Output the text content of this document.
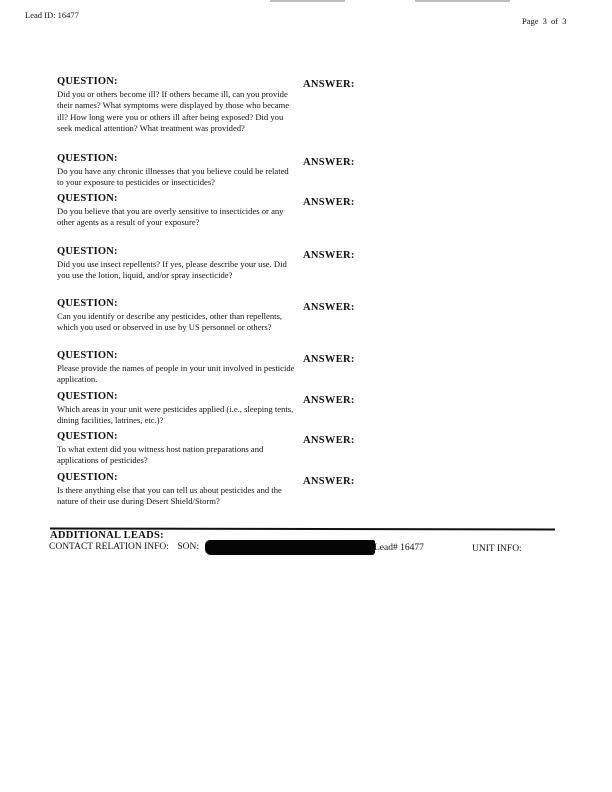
Lead ID: 16477
Page 3 of 3
QUESTION:	ANSWER:
Did you or others become ill? If others became ill, can you provide their names? What symptoms were displayed by those who became ill? How long were you or others ill after being exposed? Did you seek medical attention? What treatment was provided?
QUESTION:	ANSWER:
Do you have any chronic illnesses that you believe could be related to your exposure to pesticides or insecticides?
QUESTION:	ANSWER:
Do you believe that you are overly sensitive to insecticides or any other agents as a result of your exposure?
QUESTION:	ANSWER:
Did you use insect repellents? If yes, please describe your use. Did you use the lotion, liquid, and/or spray insecticide?
QUESTION:	ANSWER:
Can you identify or describe any pesticides, other than repellents, which you used or observed in use by US personnel or others?
QUESTION:	ANSWER:
Please provide the names of people in your unit involved in pesticide application.
QUESTION:	ANSWER:
Which areas in your unit were pesticides applied (i.e., sleeping tents, dining facilities, latrines, etc.)?
QUESTION:	ANSWER:
To what extent did you witness host nation preparations and applications of pesticides?
QUESTION:	ANSWER:
Is there anything else that you can tell us about pesticides and the nature of their use during Desert Shield/Storm?
ADDITIONAL LEADS:
CONTACT RELATION INFO: SON:	Lead# 16477	UNIT INFO:
